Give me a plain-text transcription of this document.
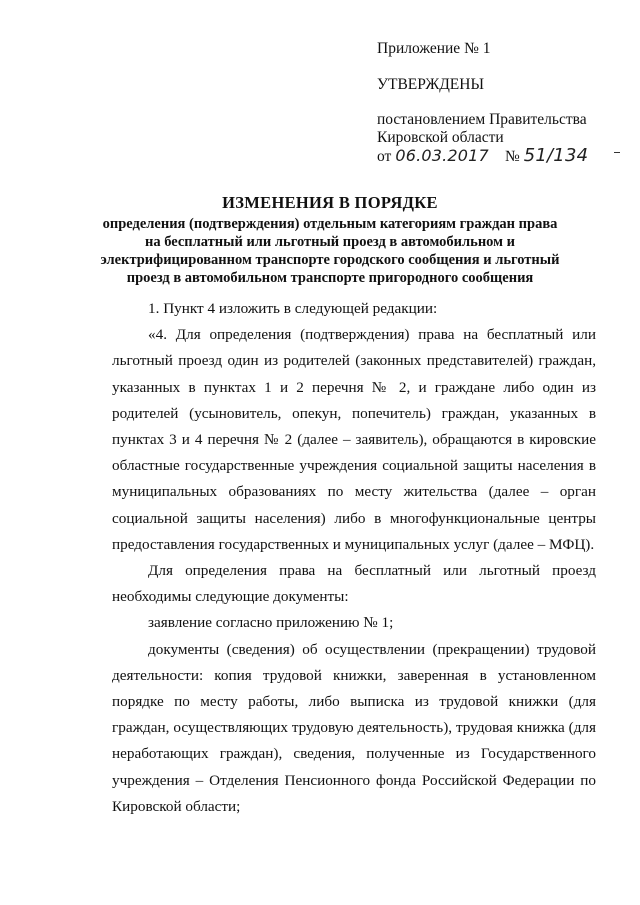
Приложение № 1
УТВЕРЖДЕНЫ
постановлением Правительства
Кировской области
от 06.03.2017 № 51/134
ИЗМЕНЕНИЯ В ПОРЯДКЕ
определения (подтверждения) отдельным категориям граждан права на бесплатный или льготный проезд в автомобильном и электрифицированном транспорте городского сообщения и льготный проезд в автомобильном транспорте пригородного сообщения

1. Пункт 4 изложить в следующей редакции:

«4. Для определения (подтверждения) права на бесплатный или льготный проезд один из родителей (законных представителей) граждан, указанных в пунктах 1 и 2 перечня № 2, и граждане либо один из родителей (усыновитель, опекун, попечитель) граждан, указанных в пунктах 3 и 4 перечня № 2 (далее – заявитель), обращаются в кировские областные государственные учреждения социальной защиты населения в муниципальных образованиях по месту жительства (далее – орган социальной защиты населения) либо в многофункциональные центры предоставления государственных и муниципальных услуг (далее – МФЦ).

Для определения права на бесплатный или льготный проезд необходимы следующие документы:

заявление согласно приложению № 1;

документы (сведения) об осуществлении (прекращении) трудовой деятельности: копия трудовой книжки, заверенная в установленном порядке по месту работы, либо выписка из трудовой книжки (для граждан, осуществляющих трудовую деятельность), трудовая книжка (для неработающих граждан), сведения, полученные из Государственного учреждения – Отделения Пенсионного фонда Российской Федерации по Кировской области;
